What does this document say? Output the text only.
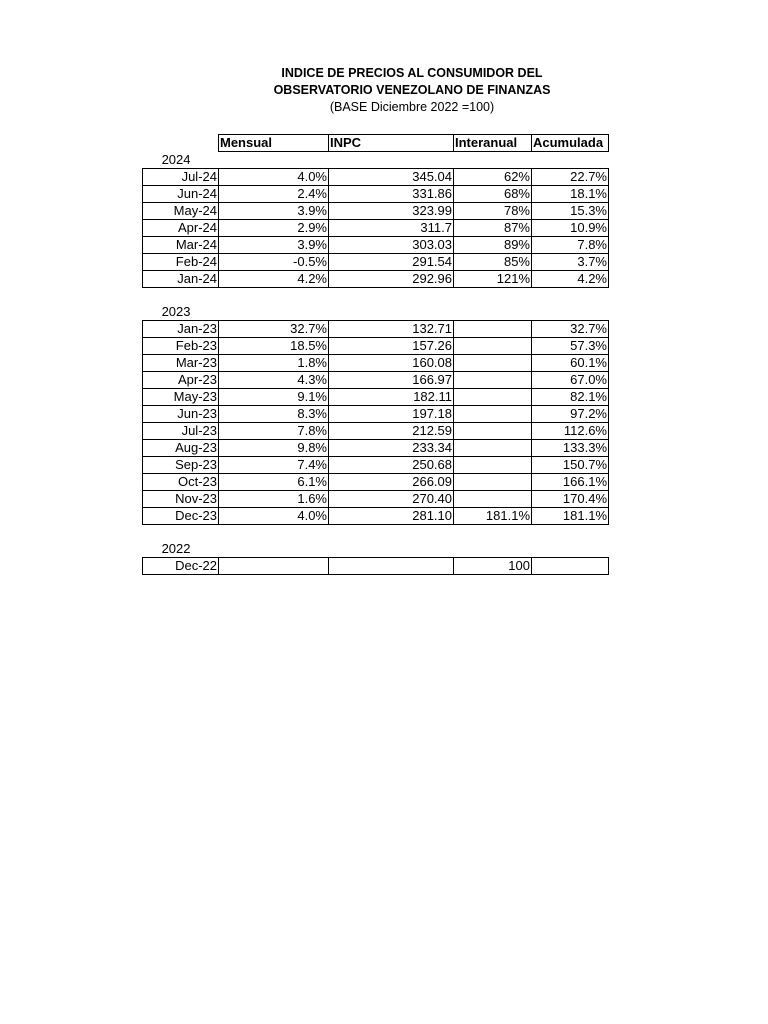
INDICE DE PRECIOS AL CONSUMIDOR DEL
OBSERVATORIO VENEZOLANO DE FINANZAS
(BASE Diciembre 2022 =100)
	Mensual	INPC	Interanual	Acumulada
2024				
Jul-24	4.0%	345.04	62%	22.7%
Jun-24	2.4%	331.86	68%	18.1%
May-24	3.9%	323.99	78%	15.3%
Apr-24	2.9%	311.7	87%	10.9%
Mar-24	3.9%	303.03	89%	7.8%
Feb-24	-0.5%	291.54	85%	3.7%
Jan-24	4.2%	292.96	121%	4.2%

2023				
Jan-23	32.7%	132.71		32.7%
Feb-23	18.5%	157.26		57.3%
Mar-23	1.8%	160.08		60.1%
Apr-23	4.3%	166.97		67.0%
May-23	9.1%	182.11		82.1%
Jun-23	8.3%	197.18		97.2%
Jul-23	7.8%	212.59		112.6%
Aug-23	9.8%	233.34		133.3%
Sep-23	7.4%	250.68		150.7%
Oct-23	6.1%	266.09		166.1%
Nov-23	1.6%	270.40		170.4%
Dec-23	4.0%	281.10	181.1%	181.1%

2022				
Dec-22			100	
